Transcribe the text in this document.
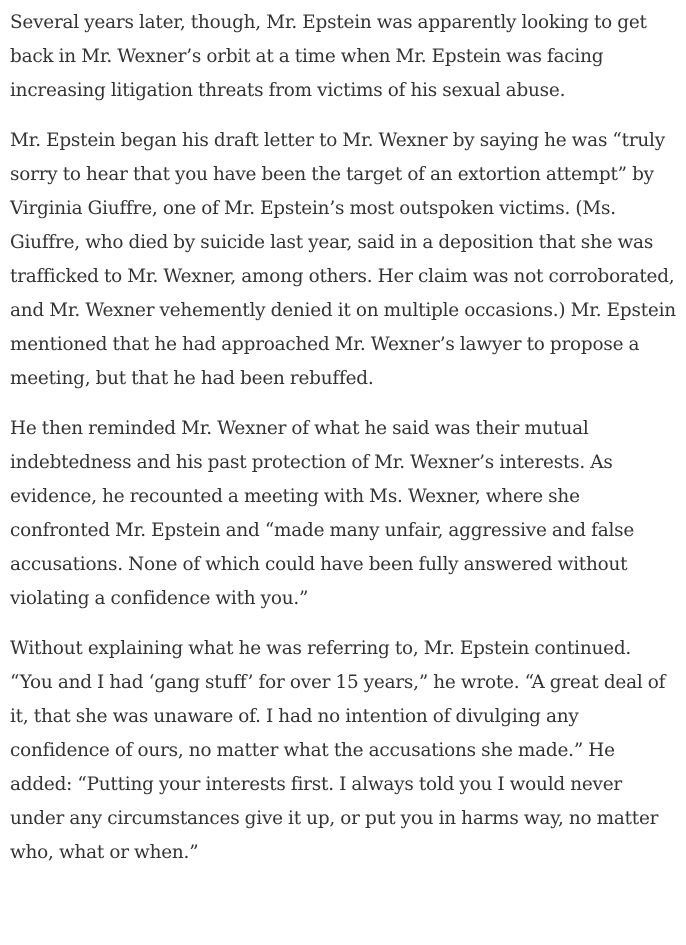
Several years later, though, Mr. Epstein was apparently looking to get back in Mr. Wexner’s orbit at a time when Mr. Epstein was facing increasing litigation threats from victims of his sexual abuse.

Mr. Epstein began his draft letter to Mr. Wexner by saying he was “truly sorry to hear that you have been the target of an extortion attempt” by Virginia Giuffre, one of Mr. Epstein’s most outspoken victims. (Ms. Giuffre, who died by suicide last year, said in a deposition that she was trafficked to Mr. Wexner, among others. Her claim was not corroborated, and Mr. Wexner vehemently denied it on multiple occasions.) Mr. Epstein mentioned that he had approached Mr. Wexner’s lawyer to propose a meeting, but that he had been rebuffed.

He then reminded Mr. Wexner of what he said was their mutual indebtedness and his past protection of Mr. Wexner’s interests. As evidence, he recounted a meeting with Ms. Wexner, where she confronted Mr. Epstein and “made many unfair, aggressive and false accusations. None of which could have been fully answered without violating a confidence with you.”

Without explaining what he was referring to, Mr. Epstein continued. “You and I had ‘gang stuff’ for over 15 years,” he wrote. “A great deal of it, that she was unaware of. I had no intention of divulging any confidence of ours, no matter what the accusations she made.” He added: “Putting your interests first. I always told you I would never under any circumstances give it up, or put you in harms way, no matter who, what or when.”
